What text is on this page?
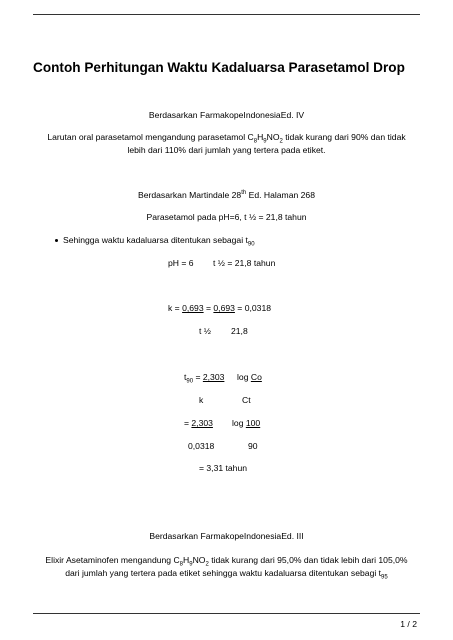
Contoh Perhitungan Waktu Kadaluarsa Parasetamol Drop
Berdasarkan FarmakopeIndonesiaEd. IV
Larutan oral parasetamol mengandung parasetamol $C_8H_9NO_2$ tidak kurang dari 90% dan tidak
lebih dari 110% dari jumlah yang tertera pada etiket.
Berdasarkan Martindale 28th Ed. Halaman 268
Parasetamol pada pH=6, t ½ = 21,8 tahun
Sehingga waktu kadaluarsa ditentukan sebagai $t_{90}$
pH = 6 t ½ = 21,8 tahun
k = 0,693 = 0,693 = 0,0318
t ½ 21,8
$t_{90} = 2,303$ log Co
k	Ct
= 2,303 log 100
0,0318	90
= 3,31 tahun
Berdasarkan FarmakopeIndonesiaEd. III
Elixir Asetaminofen mengandung $C_8H_9NO_2$ tidak kurang dari 95,0% dan tidak lebih dari 105,0%
dari jumlah yang tertera pada etiket sehingga waktu kadaluarsa ditentukan sebagi $t_{95}$
1 / 2
